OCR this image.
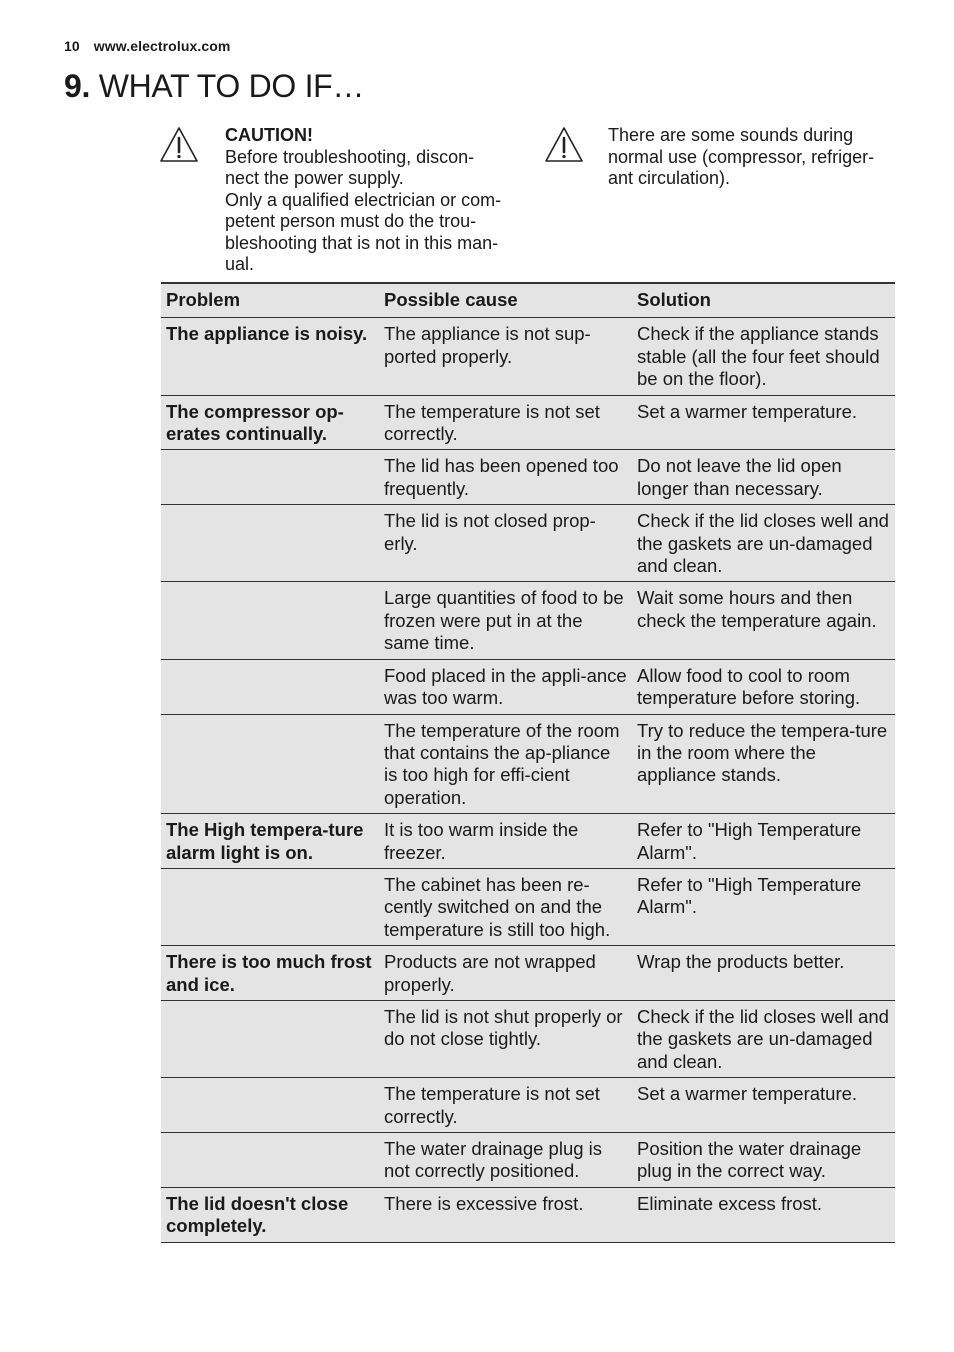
10 www.electrolux.com
9. WHAT TO DO IF…

CAUTION!

Before troubleshooting, discon-

nect the power supply.

Only a qualified electrician or com-

petent person must do the trou-

bleshooting that is not in this man-

ual.

There are some sounds during

normal use (compressor, refriger-

ant circulation).

Problem	Possible cause	Solution
The appliance is noisy.	The appliance is not sup-ported properly.	Check if the appliance stands stable (all the four feet should be on the floor).
The compressor op-erates continually.	The temperature is not set correctly.	Set a warmer temperature.
	The lid has been opened too frequently.	Do not leave the lid open longer than necessary.
	The lid is not closed prop-erly.	Check if the lid closes well and the gaskets are un-damaged and clean.
	Large quantities of food to be frozen were put in at the same time.	Wait some hours and then check the temperature again.
	Food placed in the appli-ance was too warm.	Allow food to cool to room temperature before storing.
	The temperature of the room that contains the ap-pliance is too high for effi-cient operation.	Try to reduce the tempera-ture in the room where the appliance stands.
The High tempera-ture alarm light is on.	It is too warm inside the freezer.	Refer to "High Temperature Alarm".
	The cabinet has been re-cently switched on and the temperature is still too high.	Refer to "High Temperature Alarm".
There is too much frost and ice.	Products are not wrapped properly.	Wrap the products better.
	The lid is not shut properly or do not close tightly.	Check if the lid closes well and the gaskets are un-damaged and clean.
	The temperature is not set correctly.	Set a warmer temperature.
	The water drainage plug is not correctly positioned.	Position the water drainage plug in the correct way.
The lid doesn't close completely.	There is excessive frost.	Eliminate excess frost.
